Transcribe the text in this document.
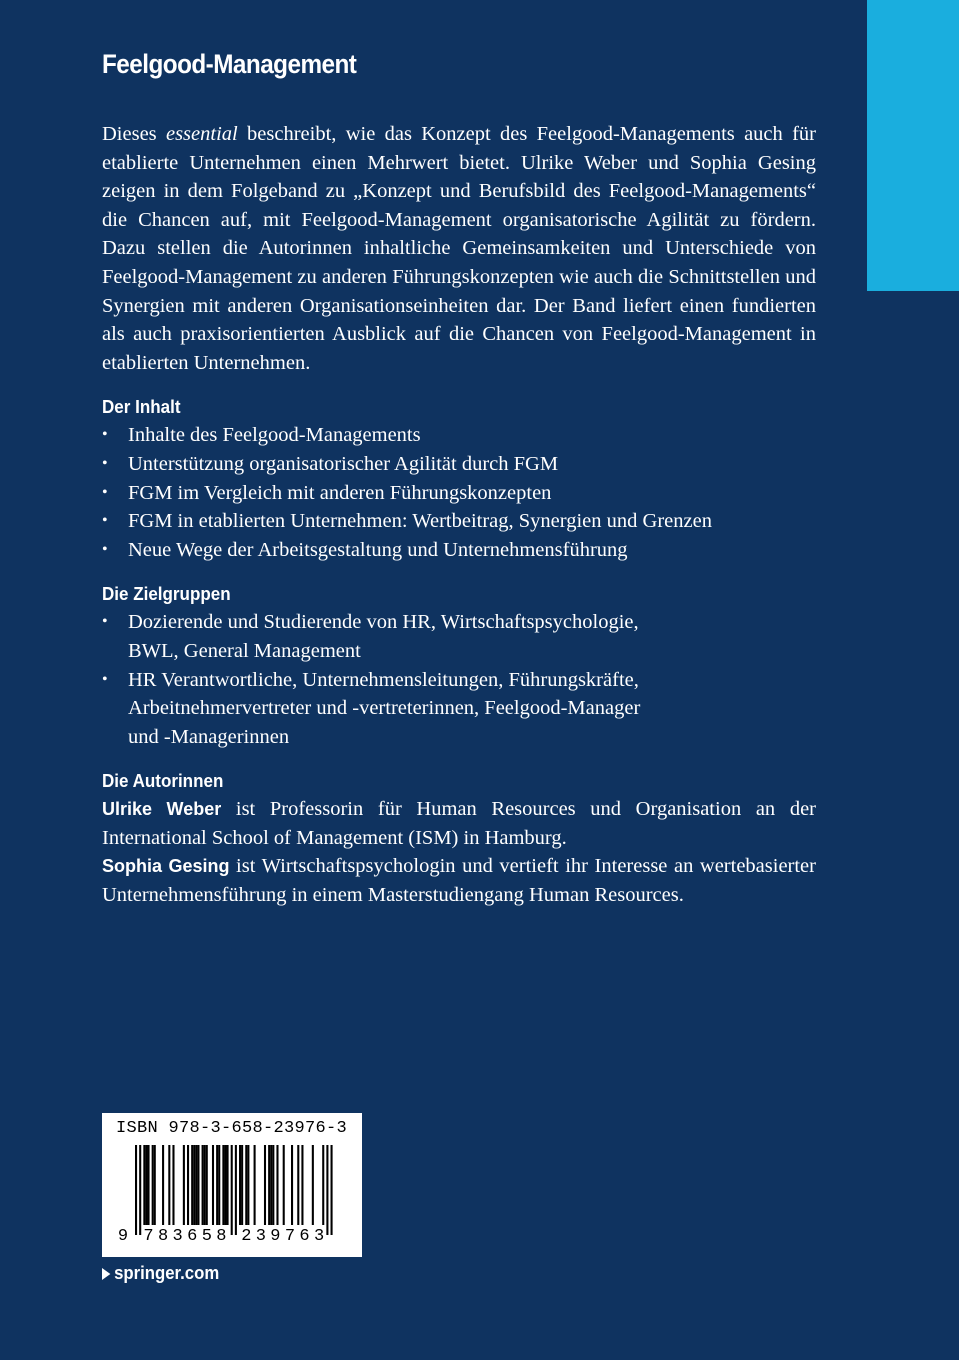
Feelgood-Management

Dieses essential beschreibt, wie das Konzept des Feelgood-Managements auch für etablierte Unternehmen einen Mehrwert bietet. Ulrike Weber und Sophia Gesing zeigen in dem Folgeband zu „Konzept und Berufsbild des Feelgood-Managements“ die Chancen auf, mit Feelgood-Management organisatorische Agilität zu fördern. Dazu stellen die Autorinnen inhaltliche Gemeinsamkeiten und Unterschiede von Feelgood-Management zu anderen Führungskonzepten wie auch die Schnittstellen und Synergien mit anderen Organisationseinheiten dar. Der Band liefert einen fundierten als auch praxisorientierten Ausblick auf die Chancen von Feelgood-Management in etablierten Unternehmen.

Der Inhalt
• Inhalte des Feelgood-Managements
• Unterstützung organisatorischer Agilität durch FGM
• FGM im Vergleich mit anderen Führungskonzepten
• FGM in etablierten Unternehmen: Wertbeitrag, Synergien und Grenzen
• Neue Wege der Arbeitsgestaltung und Unternehmensführung
Die Zielgruppen
• Dozierende und Studierende von HR, Wirtschaftspsychologie,
BWL, General Management
• HR Verantwortliche, Unternehmensleitungen, Führungskräfte,
Arbeitnehmervertreter und -vertreterinnen, Feelgood-Manager
und -Managerinnen
Die Autorinnen

Ulrike Weber ist Professorin für Human Resources und Organisation an der International School of Management (ISM) in Hamburg.

Sophia Gesing ist Wirtschaftspsychologin und vertieft ihr Interesse an wertebasierter Unternehmensführung in einem Masterstudiengang Human Resources.

ISBN 978-3-658-23976-3
9 7 8 3 6 5 8 2 3 9 7 6 3
springer.com
